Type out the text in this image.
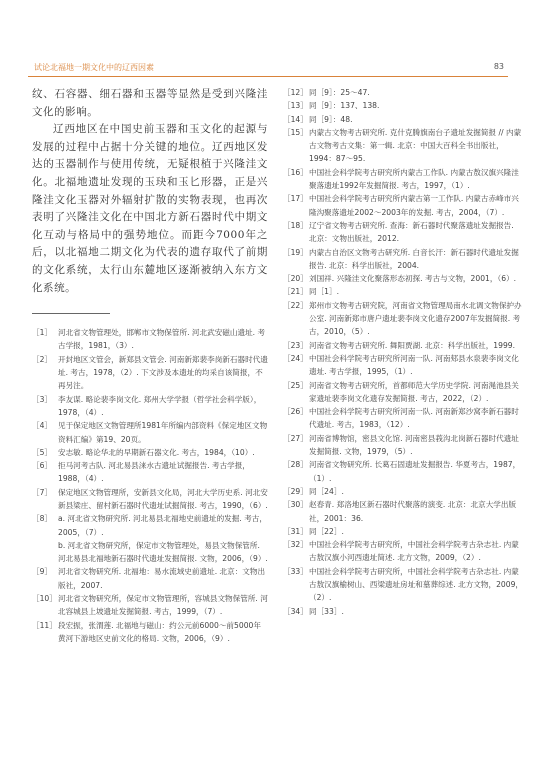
试论北福地一期文化中的辽西因素	83

纹、石容器、细石器和玉器等显然是受到兴隆洼文化的影响。

辽西地区在中国史前玉器和玉文化的起源与发展的过程中占据十分关键的地位。辽西地区发达的玉器制作与使用传统，无疑根植于兴隆洼文化。北福地遗址发现的玉玦和玉匕形器，正是兴隆洼文化玉器对外辐射扩散的实物表现，也再次表明了兴隆洼文化在中国北方新石器时代中期文化互动与格局中的强势地位。而距今7000年之后，以北福地二期文化为代表的遗存取代了前期的文化系统，太行山东麓地区逐渐被纳入东方文化系统。

［1］ 河北省文物管理处，邯郸市文物保管所. 河北武安磁山遗址. 考古学报，1981，（3）.
［2］ 开封地区文管会，新郑县文管会. 河南新郑裴李岗新石器时代遗址. 考古，1978，（2）. 下文涉及本遗址的均采自该简报，不再另注。
［3］ 李友谋. 略论裴李岗文化. 郑州大学学报（哲学社会科学版），1978，（4）.
［4］ 见于保定地区文物管理所1981年所编内部资料《保定地区文物资料汇编》第19、20页。
［5］ 安志敏. 略论华北的早期新石器文化. 考古，1984，（10）.
［6］ 拒马河考古队. 河北易县涞水古遗址试掘报告. 考古学报，1988，（4）.
［7］ 保定地区文物管理所，安新县文化局，河北大学历史系. 河北安新县梁庄、留村新石器时代遗址试掘简报. 考古，1990，（6）.
［8］ a. 河北省文物研究所. 河北易县北福地史前遗址的发掘. 考古，2005，（7）.
b. 河北省文物研究所，保定市文物管理处，易县文物保管所. 河北易县北福地新石器时代遗址发掘简报. 文物，2006，（9）.
［9］ 河北省文物研究所. 北福地：易水流域史前遗址. 北京：文物出版社，2007.
［10］ 河北省文物研究所，保定市文物管理所，容城县文物保管所. 河北容城县上坡遗址发掘简报. 考古，1999，（7）.
［11］ 段宏振，张渭莲. 北福地与磁山：约公元前6000～前5000年黄河下游地区史前文化的格局. 文物，2006，（9）.
［12］ 同［9］：25～47.
［13］ 同［9］：137、138.
［14］ 同［9］：48.
［15］ 内蒙古文物考古研究所. 克什克腾旗南台子遗址发掘简报 // 内蒙古文物考古文集：第一辑. 北京：中国大百科全书出版社，1994：87～95.
［16］ 中国社会科学院考古研究所内蒙古工作队. 内蒙古敖汉旗兴隆洼聚落遗址1992年发掘简报. 考古，1997，（1）.
［17］ 中国社会科学院考古研究所内蒙古第一工作队. 内蒙古赤峰市兴隆沟聚落遗址2002～2003年的发掘. 考古，2004，（7）.
［18］ 辽宁省文物考古研究所. 查海：新石器时代聚落遗址发掘报告. 北京：文物出版社，2012.
［19］ 内蒙古自治区文物考古研究所. 白音长汗：新石器时代遗址发掘报告. 北京：科学出版社，2004.
［20］ 刘国祥. 兴隆洼文化聚落形态初探. 考古与文物，2001，（6）.
［21］ 同［1］.
［22］ 郑州市文物考古研究院，河南省文物管理局南水北调文物保护办公室. 河南新郑市唐户遗址裴李岗文化遗存2007年发掘简报. 考古，2010，（5）.
［23］ 河南省文物考古研究所. 舞阳贾湖. 北京：科学出版社，1999.
［24］ 中国社会科学院考古研究所河南一队. 河南郏县水泉裴李岗文化遗址. 考古学报，1995，（1）.
［25］ 河南省文物考古研究所，首都师范大学历史学院. 河南渑池县关家遗址裴李岗文化遗存发掘简报. 考古，2022，（2）.
［26］ 中国社会科学院考古研究所河南一队. 河南新郑沙窝李新石器时代遗址. 考古，1983，（12）.
［27］ 河南省博物馆，密县文化馆. 河南密县莪沟北岗新石器时代遗址发掘简报. 文物，1979，（5）.
［28］ 河南省文物研究所. 长葛石固遗址发掘报告. 华夏考古，1987，（1）.
［29］ 同［24］.
［30］ 赵春青. 郑洛地区新石器时代聚落的演变. 北京：北京大学出版社，2001：36.
［31］ 同［22］.
［32］ 中国社会科学院考古研究所，中国社会科学院考古杂志社. 内蒙古敖汉旗小河西遗址简述. 北方文物，2009，（2）.
［33］ 中国社会科学院考古研究所，中国社会科学院考古杂志社. 内蒙古敖汉旗榆树山、西梁遗址房址和墓葬综述. 北方文物，2009，（2）.
［34］ 同［33］.
